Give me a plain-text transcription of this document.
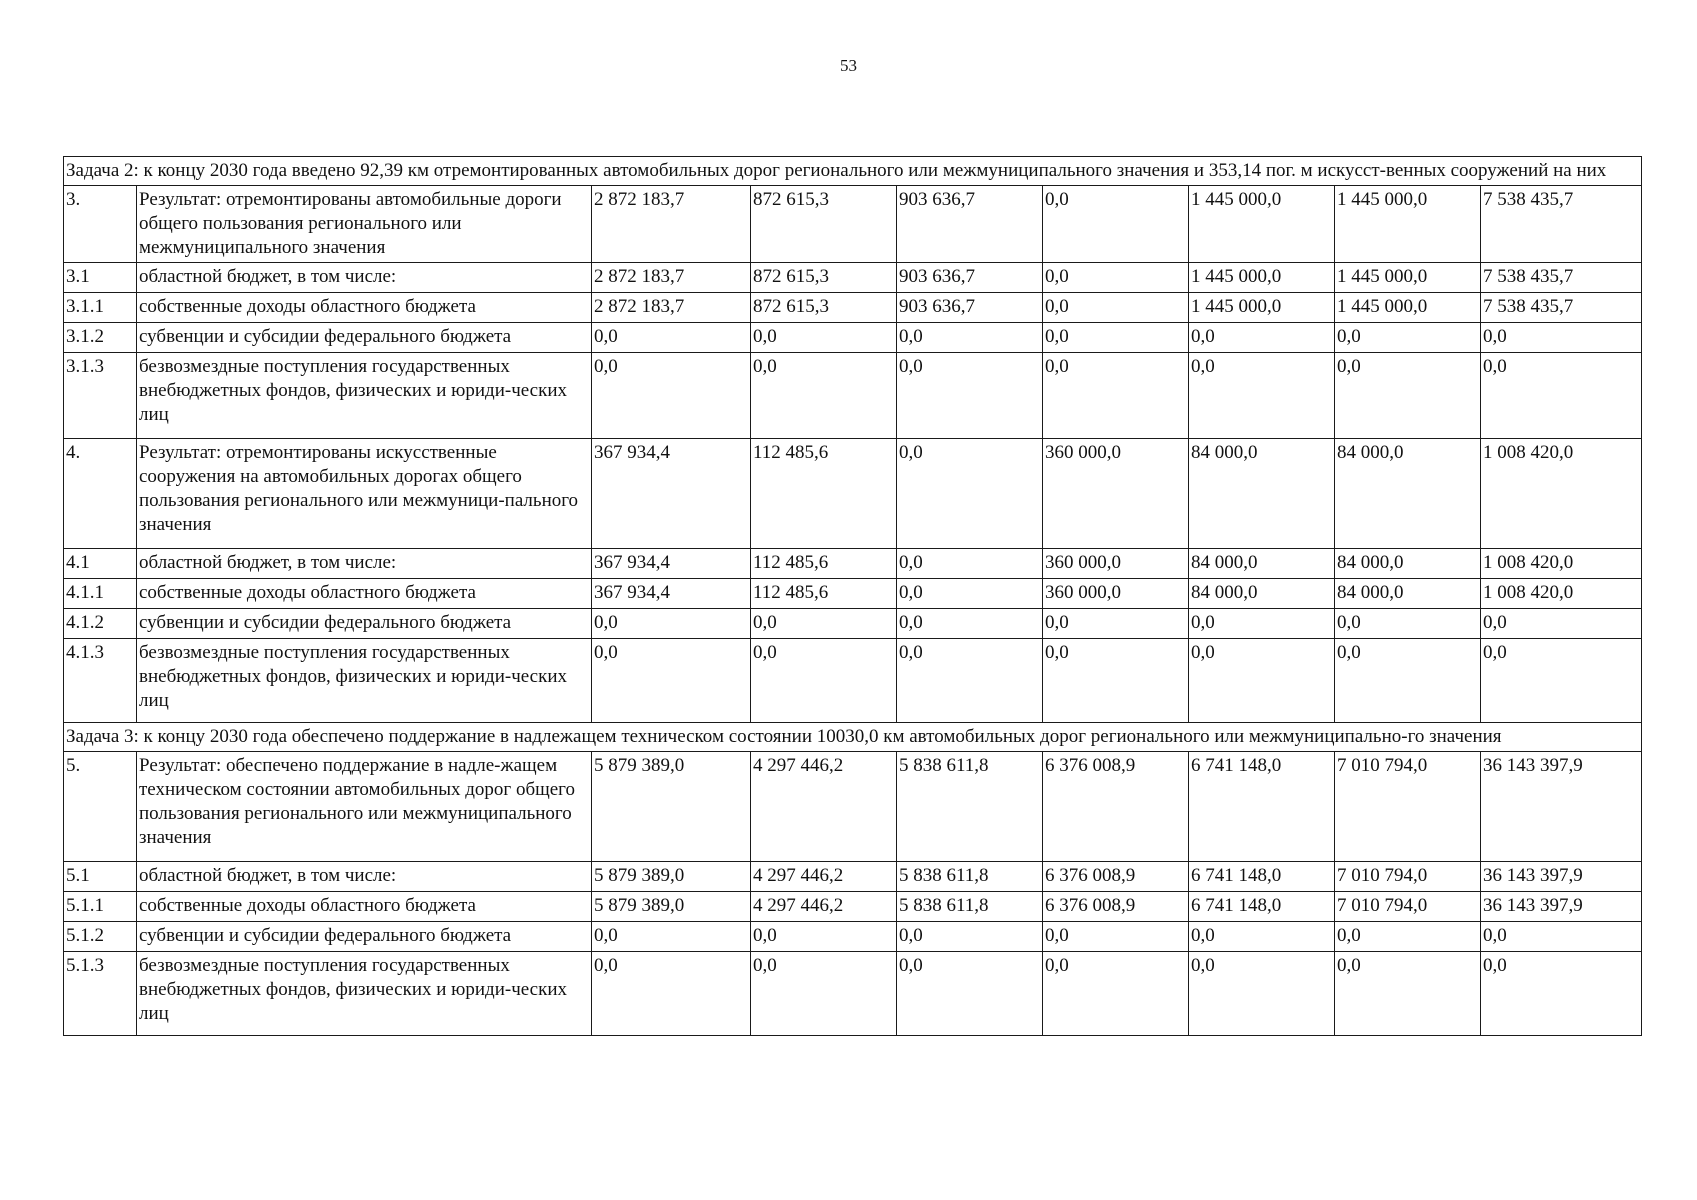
53
Задача 2: к концу 2030 года введено 92,39 км отремонтированных автомобильных дорог регионального или межмуниципального значения и 353,14 пог. м искусст-венных сооружений на них								
3.	Результат: отремонтированы автомобильные дороги общего пользования регионального или межмуниципального значения	2 872 183,7	872 615,3	903 636,7	0,0	1 445 000,0	1 445 000,0	7 538 435,7
3.1	областной бюджет, в том числе:	2 872 183,7	872 615,3	903 636,7	0,0	1 445 000,0	1 445 000,0	7 538 435,7
3.1.1	собственные доходы областного бюджета	2 872 183,7	872 615,3	903 636,7	0,0	1 445 000,0	1 445 000,0	7 538 435,7
3.1.2	субвенции и субсидии федерального бюджета	0,0	0,0	0,0	0,0	0,0	0,0	0,0
3.1.3	безвозмездные поступления государственных внебюджетных фондов, физических и юриди-ческих лиц	0,0	0,0	0,0	0,0	0,0	0,0	0,0
4.	Результат: отремонтированы искусственные сооружения на автомобильных дорогах общего пользования регионального или межмуници-пального значения	367 934,4	112 485,6	0,0	360 000,0	84 000,0	84 000,0	1 008 420,0
4.1	областной бюджет, в том числе:	367 934,4	112 485,6	0,0	360 000,0	84 000,0	84 000,0	1 008 420,0
4.1.1	собственные доходы областного бюджета	367 934,4	112 485,6	0,0	360 000,0	84 000,0	84 000,0	1 008 420,0
4.1.2	субвенции и субсидии федерального бюджета	0,0	0,0	0,0	0,0	0,0	0,0	0,0
4.1.3	безвозмездные поступления государственных внебюджетных фондов, физических и юриди-ческих лиц	0,0	0,0	0,0	0,0	0,0	0,0	0,0
Задача 3: к концу 2030 года обеспечено поддержание в надлежащем техническом состоянии 10030,0 км автомобильных дорог регионального или межмуниципально-го значения								
5.	Результат: обеспечено поддержание в надле-жащем техническом состоянии автомобильных дорог общего пользования регионального или межмуниципального значения	5 879 389,0	4 297 446,2	5 838 611,8	6 376 008,9	6 741 148,0	7 010 794,0	36 143 397,9
5.1	областной бюджет, в том числе:	5 879 389,0	4 297 446,2	5 838 611,8	6 376 008,9	6 741 148,0	7 010 794,0	36 143 397,9
5.1.1	собственные доходы областного бюджета	5 879 389,0	4 297 446,2	5 838 611,8	6 376 008,9	6 741 148,0	7 010 794,0	36 143 397,9
5.1.2	субвенции и субсидии федерального бюджета	0,0	0,0	0,0	0,0	0,0	0,0	0,0
5.1.3	безвозмездные поступления государственных внебюджетных фондов, физических и юриди-ческих лиц	0,0	0,0	0,0	0,0	0,0	0,0	0,0
